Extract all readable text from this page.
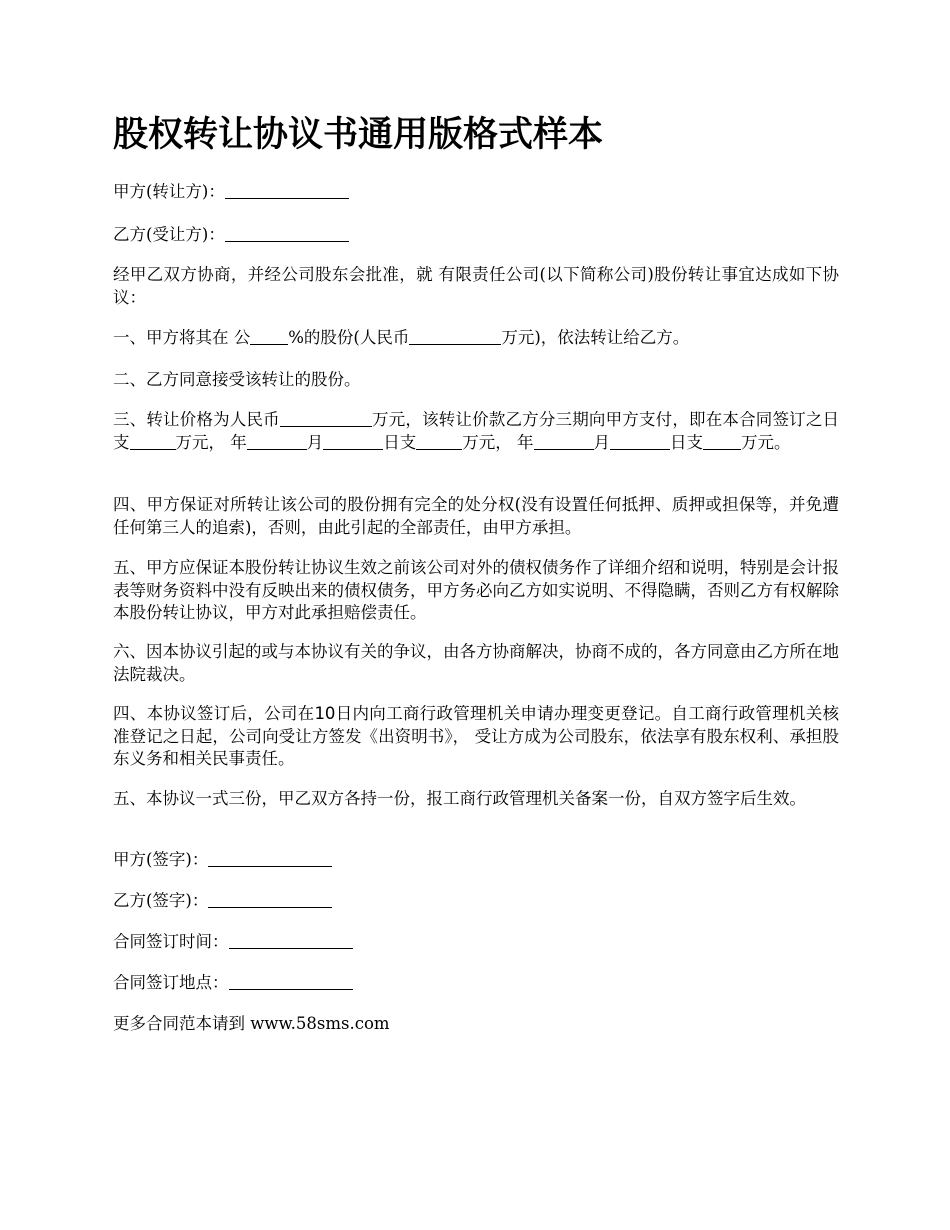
股权转让协议书通用版格式样本

甲方(转让方)：

乙方(受让方)：

经甲乙双方协商，并经公司股东会批准，就 有限责任公司(以下简称公司)股份转让事宜达成如下协议：

一、甲方将其在 公 %的股份(人民币	万元)，依法转让给乙方。

二、乙方同意接受该转让的股份。

三、转让价格为人民币	万元，该转让价款乙方分三期向甲方支付，即在本合同签订之日支	万元， 年	月	日支	万元， 年	月	日支 万元。

四、甲方保证对所转让该公司的股份拥有完全的处分权(没有设置任何抵押、质押或担保等，并免遭任何第三人的追索)，否则，由此引起的全部责任，由甲方承担。

五、甲方应保证本股份转让协议生效之前该公司对外的债权债务作了详细介绍和说明，特别是会计报表等财务资料中没有反映出来的债权债务，甲方务必向乙方如实说明、不得隐瞒，否则乙方有权解除本股份转让协议，甲方对此承担赔偿责任。

六、因本协议引起的或与本协议有关的争议，由各方协商解决，协商不成的，各方同意由乙方所在地法院裁决。

四、本协议签订后，公司在10日内向工商行政管理机关申请办理变更登记。自工商行政管理机关核准登记之日起，公司向受让方签发《出资明书》， 受让方成为公司股东，依法享有股东权利、承担股东义务和相关民事责任。

五、本协议一式三份，甲乙双方各持一份，报工商行政管理机关备案一份，自双方签字后生效。

甲方(签字)：

乙方(签字)：

合同签订时间：

合同签订地点：

更多合同范本请到 www.58sms.com
